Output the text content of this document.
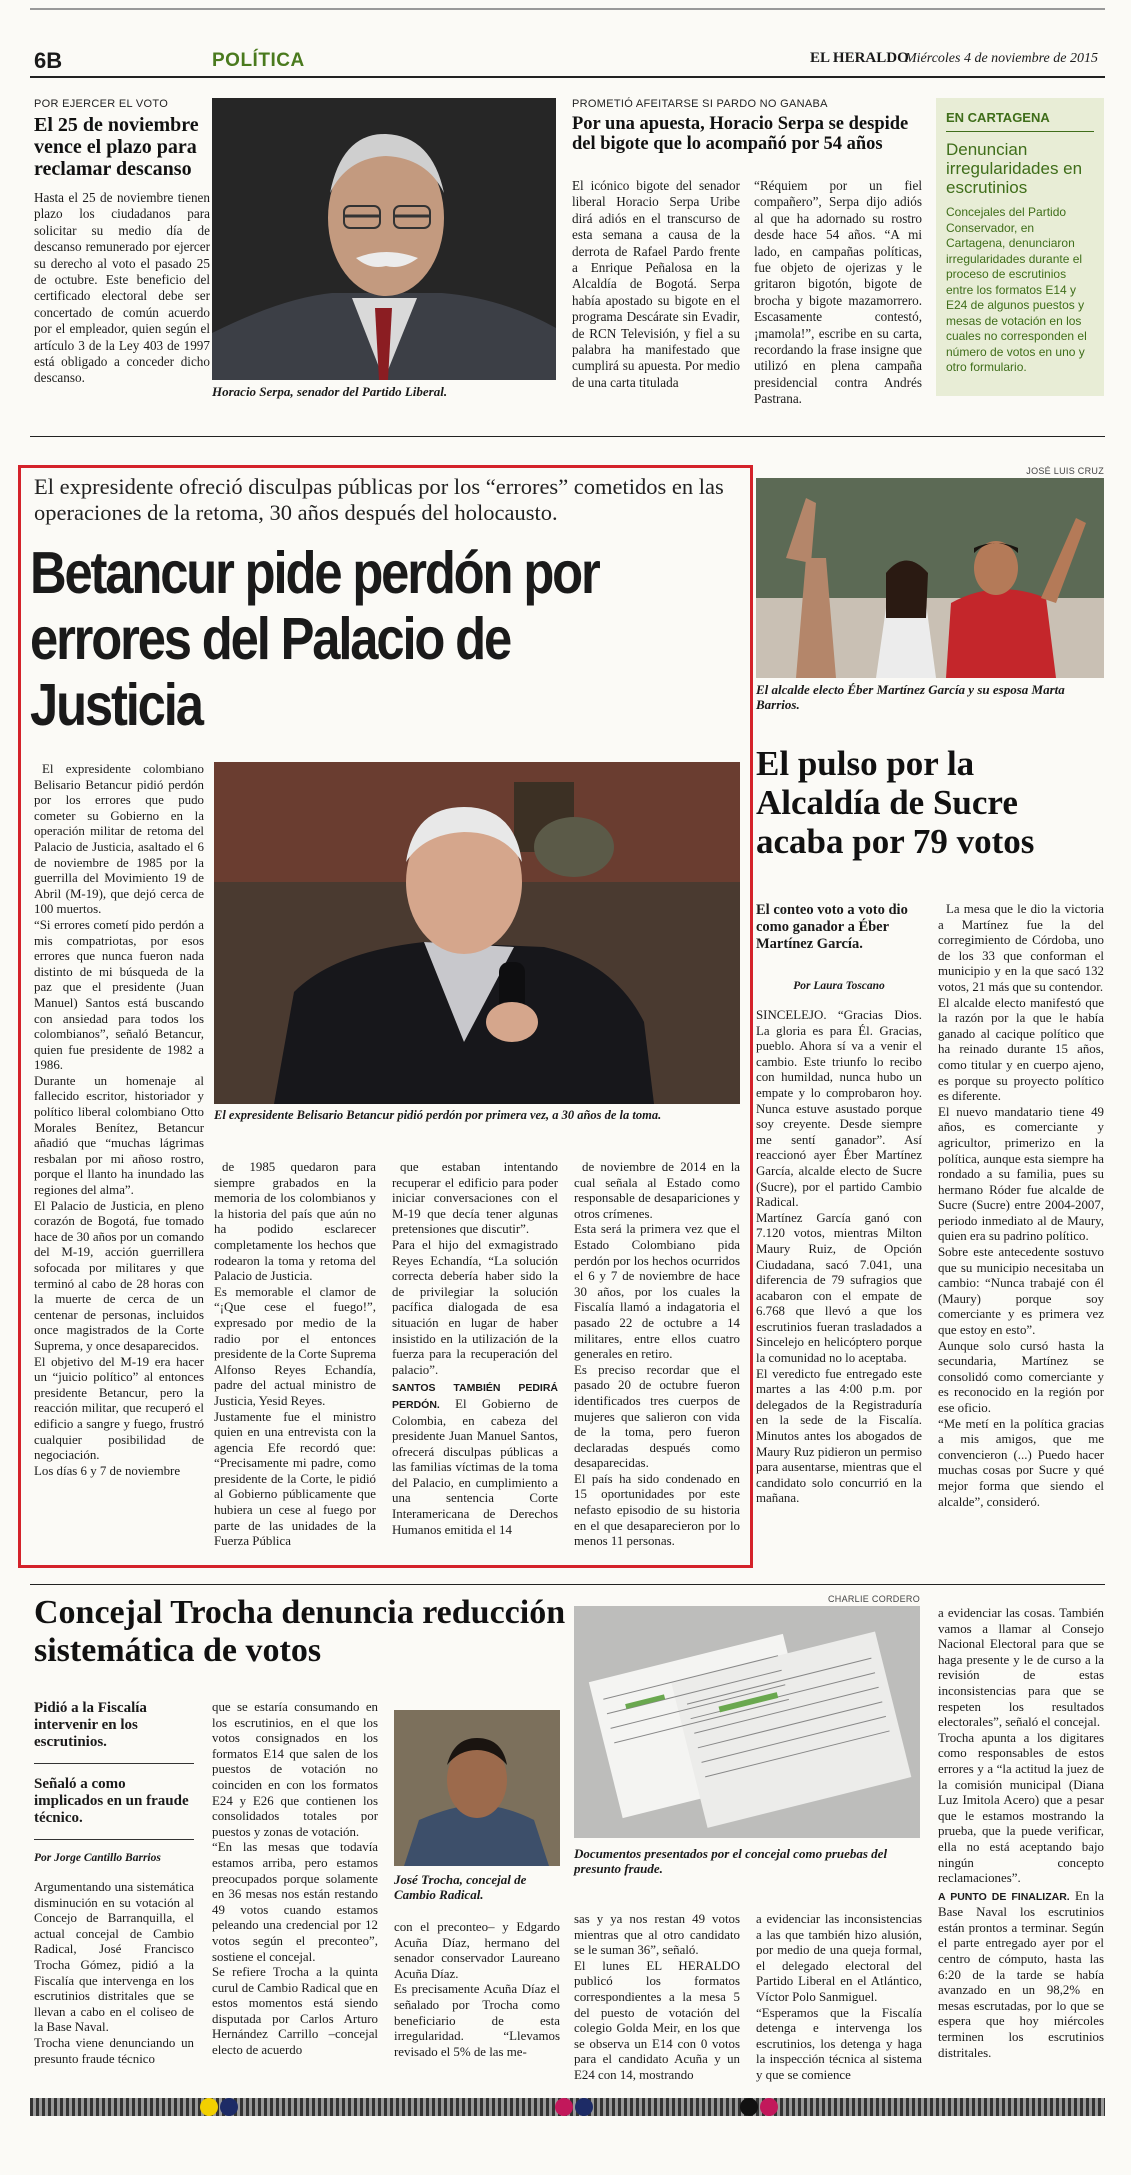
6B	POLÍTICA	EL HERALDO
Miércoles 4 de noviembre de 2015
POR EJERCER EL VOTO
El 25 de noviembre vence el plazo para reclamar descanso

Hasta el 25 de noviembre tienen plazo los ciudadanos para solicitar su medio día de descanso remunerado por ejercer su derecho al voto el pasado 25 de octubre. Este beneficio del certificado electoral debe ser concertado de común acuerdo por el empleador, quien según el artículo 3 de la Ley 403 de 1997 está obligado a conceder dicho descanso.

Horacio Serpa, senador del Partido Liberal.
PROMETIÓ AFEITARSE SI PARDO NO GANABA
Por una apuesta, Horacio Serpa se despide del bigote que lo acompañó por 54 años

El icónico bigote del senador liberal Horacio Serpa Uribe dirá adiós en el transcurso de esta semana a causa de la derrota de Rafael Pardo frente a Enrique Peñalosa en la Alcaldía de Bogotá. Serpa había apostado su bigote en el programa Descárate sin Evadir, de RCN Televisión, y fiel a su palabra ha manifestado que cumplirá su apuesta. Por medio de una carta titulada

“Réquiem por un fiel compañero”, Serpa dijo adiós al que ha adornado su rostro desde hace 54 años. “A mi lado, en campañas políticas, fue objeto de ojerizas y le gritaron bigotón, bigote de brocha y bigote mazamorrero. Escasamente contestó, ¡mamola!”, escribe en su carta, recordando la frase insigne que utilizó en plena campaña presidencial contra Andrés Pastrana.

EN CARTAGENA
Denuncian irregularidades en escrutinios
Concejales del Partido Conservador, en Cartagena, denunciaron irregularidades durante el proceso de escrutinios entre los formatos E14 y E24 de algunos puestos y mesas de votación en los cuales no corresponden el número de votos en uno y otro formulario.
El expresidente ofreció disculpas públicas por los “errores” cometidos en las operaciones de la retoma, 30 años después del holocausto.
Betancur pide perdón por errores del Palacio de Justicia
El expresidente Belisario Betancur pidió perdón por primera vez, a 30 años de la toma.

El expresidente colombiano Belisario Betancur pidió perdón por los errores que pudo cometer su Gobierno en la operación militar de retoma del Palacio de Justicia, asaltado el 6 de noviembre de 1985 por la guerrilla del Movimiento 19 de Abril (M-19), que dejó cerca de 100 muertos.
“Si errores cometí pido perdón a mis compatriotas, por esos errores que nunca fueron nada distinto de mi búsqueda de la paz que el presidente (Juan Manuel) Santos está buscando con ansiedad para todos los colombianos”, señaló Betancur, quien fue presidente de 1982 a 1986.
Durante un homenaje al fallecido escritor, historiador y político liberal colombiano Otto Morales Benítez, Betancur añadió que “muchas lágrimas resbalan por mi añoso rostro, porque el llanto ha inundado las regiones del alma”.
El Palacio de Justicia, en pleno corazón de Bogotá, fue tomado hace de 30 años por un comando del M-19, acción guerrillera sofocada por militares y que terminó al cabo de 28 horas con la muerte de cerca de un centenar de personas, incluidos once magistrados de la Corte Suprema, y once desaparecidos.
El objetivo del M-19 era hacer un “juicio político” al entonces presidente Betancur, pero la reacción militar, que recuperó el edificio a sangre y fuego, frustró cualquier posibilidad de negociación.
Los días 6 y 7 de noviembre

de 1985 quedaron para siempre grabados en la memoria de los colombianos y la historia del país que aún no ha podido esclarecer completamente los hechos que rodearon la toma y retoma del Palacio de Justicia.
Es memorable el clamor de “¡Que cese el fuego!”, expresado por medio de la radio por el entonces presidente de la Corte Suprema Alfonso Reyes Echandía, padre del actual ministro de Justicia, Yesid Reyes.
Justamente fue el ministro quien en una entrevista con la agencia Efe recordó que: “Precisamente mi padre, como presidente de la Corte, le pidió al Gobierno públicamente que hubiera un cese al fuego por parte de las unidades de la Fuerza Pública

que estaban intentando recuperar el edificio para poder iniciar conversaciones con el M-19 que decía tener algunas pretensiones que discutir”.
Para el hijo del exmagistrado Reyes Echandía, “La solución correcta debería haber sido la de privilegiar la solución pacífica dialogada de esa situación en lugar de haber insistido en la utilización de la fuerza para la recuperación del palacio”.

SANTOS TAMBIÉN PEDIRÁ PERDÓN. El Gobierno de Colombia, en cabeza del presidente Juan Manuel Santos, ofrecerá disculpas públicas a las familias víctimas de la toma del Palacio, en cumplimiento a una sentencia Corte Interamericana de Derechos Humanos emitida el 14

de noviembre de 2014 en la cual señala al Estado como responsable de desapariciones y otros crímenes.
Esta será la primera vez que el Estado Colombiano pida perdón por los hechos ocurridos el 6 y 7 de noviembre de hace 30 años, por los cuales la Fiscalía llamó a indagatoria el pasado 22 de octubre a 14 militares, entre ellos cuatro generales en retiro.
Es preciso recordar que el pasado 20 de octubre fueron identificados tres cuerpos de mujeres que salieron con vida de la toma, pero fueron declaradas después como desaparecidas.
El país ha sido condenado en 15 oportunidades por este nefasto episodio de su historia en el que desaparecieron por lo menos 11 personas.

JOSÉ LUIS CRUZ
El alcalde electo Éber Martínez García y su esposa Marta Barrios.
El pulso por la Alcaldía de Sucre acaba por 79 votos
El conteo voto a voto dio como ganador a Éber Martínez García.
Por Laura Toscano

SINCELEJO. “Gracias Dios. La gloria es para Él. Gracias, pueblo. Ahora sí va a venir el cambio. Este triunfo lo recibo con humildad, nunca hubo un empate y lo comprobaron hoy. Nunca estuve asustado porque soy creyente. Desde siempre me sentí ganador”. Así reaccionó ayer Éber Martínez García, alcalde electo de Sucre (Sucre), por el partido Cambio Radical.
Martínez García ganó con 7.120 votos, mientras Milton Maury Ruiz, de Opción Ciudadana, sacó 7.041, una diferencia de 79 sufragios que acabaron con el empate de 6.768 que llevó a que los escrutinios fueran trasladados a Sincelejo en helicóptero porque la comunidad no lo aceptaba.
El veredicto fue entregado este martes a las 4:00 p.m. por delegados de la Registraduría en la sede de la Fiscalía. Minutos antes los abogados de Maury Ruz pidieron un permiso para ausentarse, mientras que el candidato solo concurrió en la mañana.

La mesa que le dio la victoria a Martínez fue la del corregimiento de Córdoba, uno de los 33 que conforman el municipio y en la que sacó 132 votos, 21 más que su contendor.
El alcalde electo manifestó que la razón por la que le había ganado al cacique político que ha reinado durante 15 años, como titular y en cuerpo ajeno, es porque su proyecto político es diferente.
El nuevo mandatario tiene 49 años, es comerciante y agricultor, primerizo en la política, aunque esta siempre ha rondado a su familia, pues su hermano Róder fue alcalde de Sucre (Sucre) entre 2004-2007, periodo inmediato al de Maury, quien era su padrino político.
Sobre este antecedente sostuvo que su municipio necesitaba un cambio: “Nunca trabajé con él (Maury) porque soy comerciante y es primera vez que estoy en esto”.
Aunque solo cursó hasta la secundaria, Martínez se consolidó como comerciante y es reconocido en la región por ese oficio.
“Me metí en la política gracias a mis amigos, que me convencieron (...) Puedo hacer muchas cosas por Sucre y qué mejor forma que siendo el alcalde”, consideró.

Concejal Trocha denuncia reducción sistemática de votos
CHARLIE CORDERO
Pidió a la Fiscalía intervenir en los escrutinios.
Señaló a como implicados en un fraude técnico.
Por Jorge Cantillo Barrios

Argumentando una sistemática disminución en su votación al Concejo de Barranquilla, el actual concejal de Cambio Radical, José Francisco Trocha Gómez, pidió a la Fiscalía que intervenga en los escrutinios distritales que se llevan a cabo en el coliseo de la Base Naval.
Trocha viene denunciando un presunto fraude técnico

que se estaría consumando en los escrutinios, en el que los votos consignados en los formatos E14 que salen de los puestos de votación no coinciden en con los formatos E24 y E26 que contienen los consolidados totales por puestos y zonas de votación.
“En las mesas que todavía estamos arriba, pero estamos preocupados porque solamente en 36 mesas nos están restando 49 votos cuando estamos peleando una credencial por 12 votos según el preconteo”, sostiene el concejal.
Se refiere Trocha a la quinta curul de Cambio Radical que en estos momentos está siendo disputada por Carlos Arturo Hernández Carrillo –concejal electo de acuerdo

José Trocha, concejal de Cambio Radical.

con el preconteo– y Edgardo Acuña Díaz, hermano del senador conservador Laureano Acuña Díaz.
Es precisamente Acuña Díaz el señalado por Trocha como beneficiario de esta irregularidad. “Llevamos revisado el 5% de las me-

Documentos presentados por el concejal como pruebas del presunto fraude.

sas y ya nos restan 49 votos mientras que al otro candidato se le suman 36”, señaló.
El lunes EL HERALDO publicó los formatos correspondientes a la mesa 5 del puesto de votación del colegio Golda Meir, en los que se observa un E14 con 0 votos para el candidato Acuña y un E24 con 14, mostrando

a evidenciar las inconsistencias a las que también hizo alusión, por medio de una queja formal, el delegado electoral del Partido Liberal en el Atlántico, Víctor Polo Sanmiguel.
“Esperamos que la Fiscalía detenga e intervenga los escrutinios, los detenga y haga la inspección técnica al sistema y que se comience

a evidenciar las cosas. También vamos a llamar al Consejo Nacional Electoral para que se haga presente y le de curso a la revisión de estas inconsistencias para que se respeten los resultados electorales”, señaló el concejal.
Trocha apunta a los digitares como responsables de estos errores y a “la actitud la juez de la comisión municipal (Diana Luz Imitola Acero) que a pesar que le estamos mostrando la prueba, que la puede verificar, ella no está aceptando bajo ningún concepto reclamaciones”.

A PUNTO DE FINALIZAR. En la Base Naval los escrutinios están prontos a terminar. Según el parte entregado ayer por el centro de cómputo, hasta las 6:20 de la tarde se había avanzado en un 98,2% en mesas escrutadas, por lo que se espera que hoy miércoles terminen los escrutinios distritales.
